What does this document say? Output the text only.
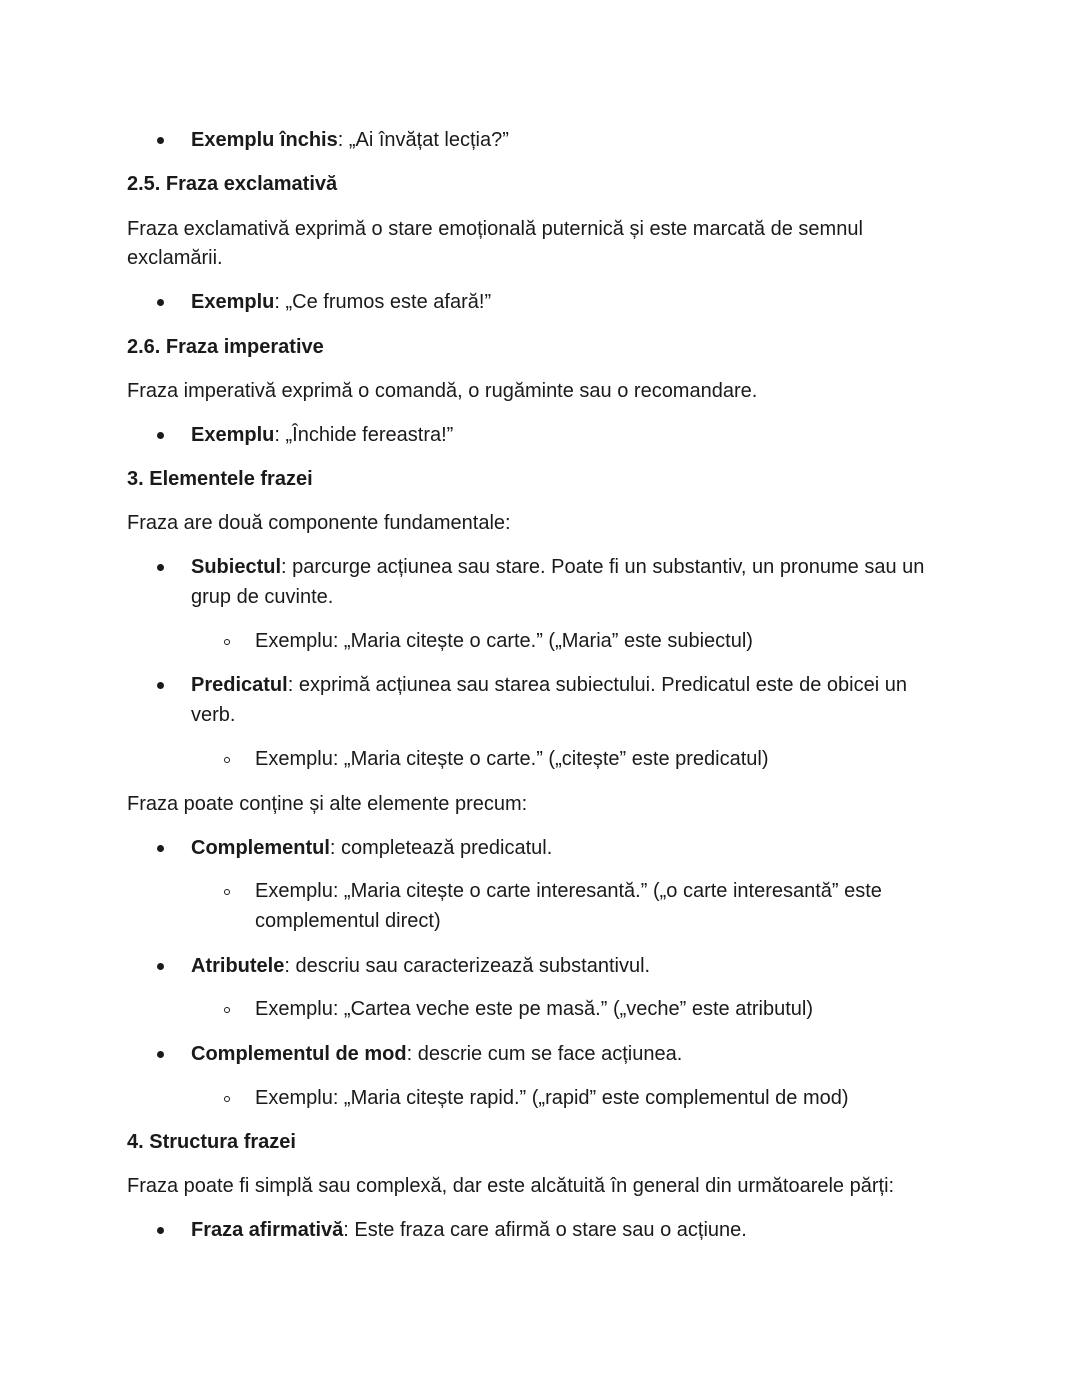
Exemplu închis: „Ai învățat lecția?”
2.5. Fraza exclamativă
Fraza exclamativă exprimă o stare emoțională puternică și este marcată de semnul
exclamării.
Exemplu: „Ce frumos este afară!”
2.6. Fraza imperative
Fraza imperativă exprimă o comandă, o rugăminte sau o recomandare.
Exemplu: „Închide fereastra!”
3. Elementele frazei
Fraza are două componente fundamentale:
Subiectul: parcurge acțiunea sau stare. Poate fi un substantiv, un pronume sau un
grup de cuvinte.
Exemplu: „Maria citește o carte.” („Maria” este subiectul)
Predicatul: exprimă acțiunea sau starea subiectului. Predicatul este de obicei un
verb.
Exemplu: „Maria citește o carte.” („citește” este predicatul)
Fraza poate conține și alte elemente precum:
Complementul: completează predicatul.
Exemplu: „Maria citește o carte interesantă.” („o carte interesantă” este
complementul direct)
Atributele: descriu sau caracterizează substantivul.
Exemplu: „Cartea veche este pe masă.” („veche” este atributul)
Complementul de mod: descrie cum se face acțiunea.
Exemplu: „Maria citește rapid.” („rapid” este complementul de mod)
4. Structura frazei
Fraza poate fi simplă sau complexă, dar este alcătuită în general din următoarele părți:
Fraza afirmativă: Este fraza care afirmă o stare sau o acțiune.
